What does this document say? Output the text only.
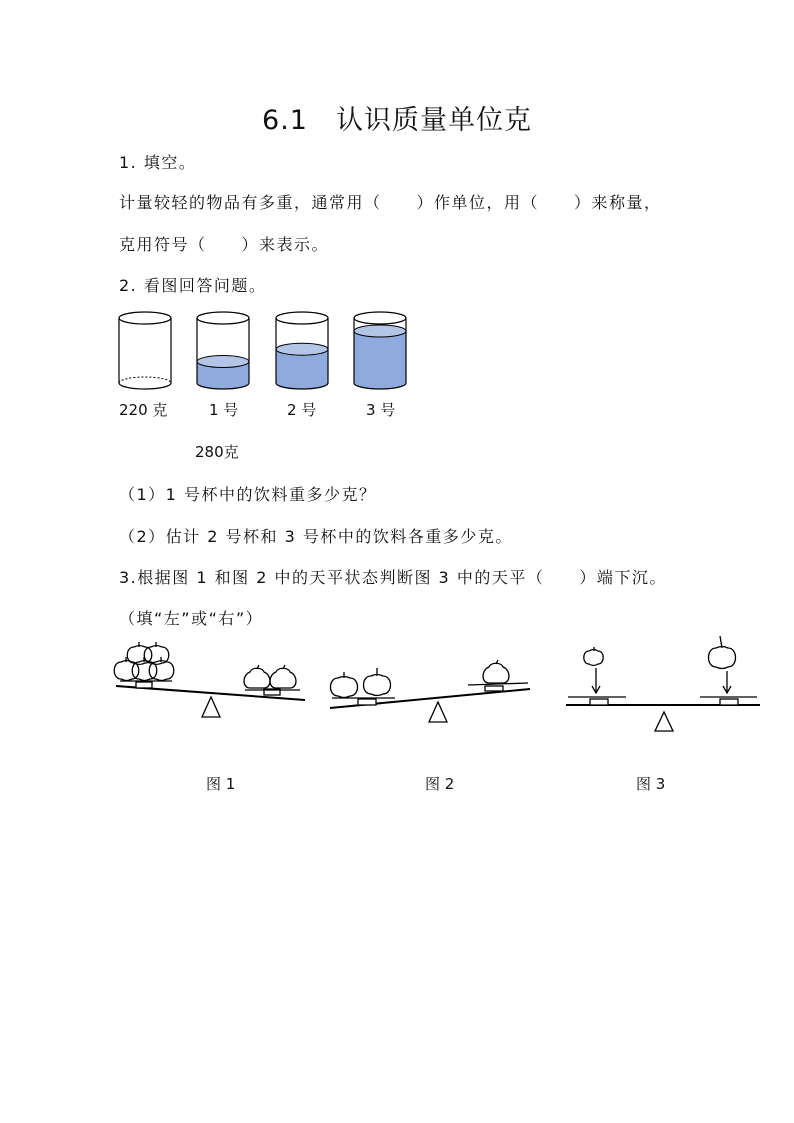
6.1　认识质量单位克
1. 填空。
计量较轻的物品有多重，通常用（　　）作单位，用（　　）来称量，
克用符号（　　）来表示。
2. 看图回答问题。
220 克	1 号	2 号	3 号
280克
（1）1 号杯中的饮料重多少克？
（2）估计 2 号杯和 3 号杯中的饮料各重多少克。
3.根据图 1 和图 2 中的天平状态判断图 3 中的天平（　　）端下沉。
（填“左”或“右”）
图 1	图 2	图 3
